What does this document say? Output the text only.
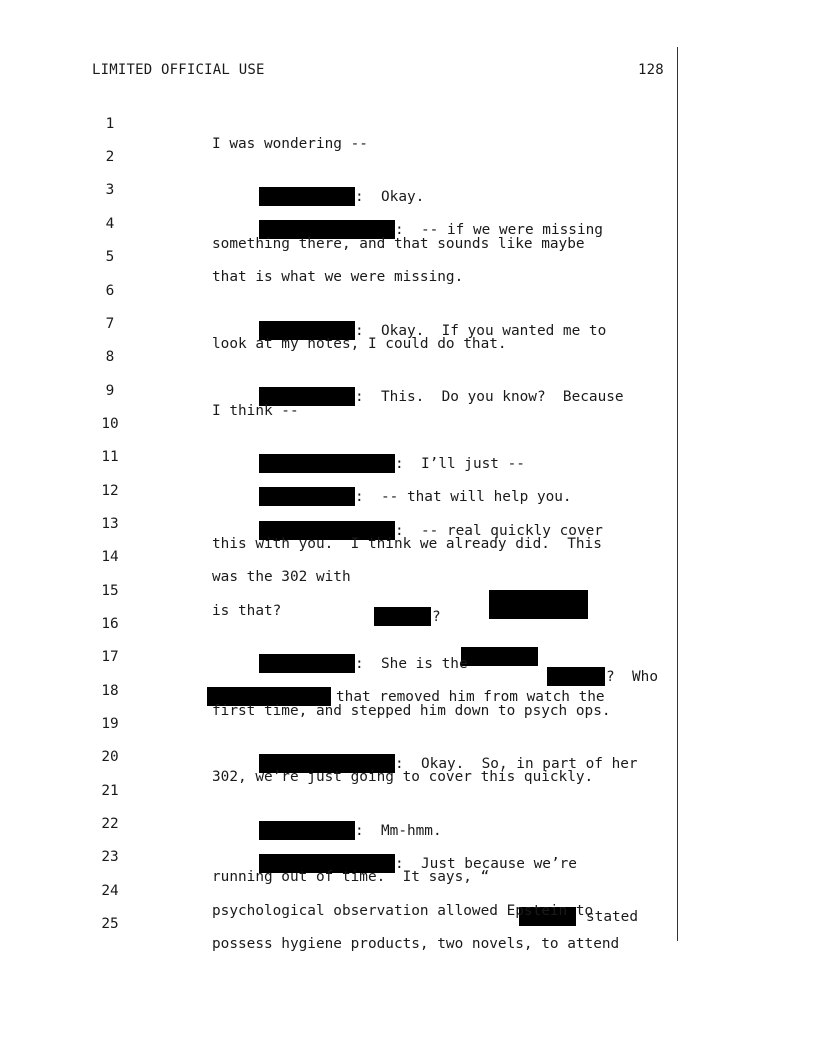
LIMITED OFFICIAL USE	128

1

I was wondering --

2

:  Okay.

3

:  -- if we were missing

4

something there, and that sounds like maybe

5

that is what we were missing.

6

:  Okay.  If you wanted me to

7

look at my notes, I could do that.

8

:  This.  Do you know?  Because

9

I think --

10

:  I’ll just --

11

:  -- that will help you.

12

:  -- real quickly cover

13

this with you.  I think we already did.  This

14

was the 302 with

?

?  Who

15

is that?

16

:  She is the

17

that removed him from watch the

18

first time, and stepped him down to psych ops.

19

:  Okay.  So, in part of her

20

302, we’re just going to cover this quickly.

21

:  Mm-hmm.

22

:  Just because we’re

23

running out of time.  It says, “

stated

24

psychological observation allowed Epstein to

25

possess hygiene products, two novels, to attend
